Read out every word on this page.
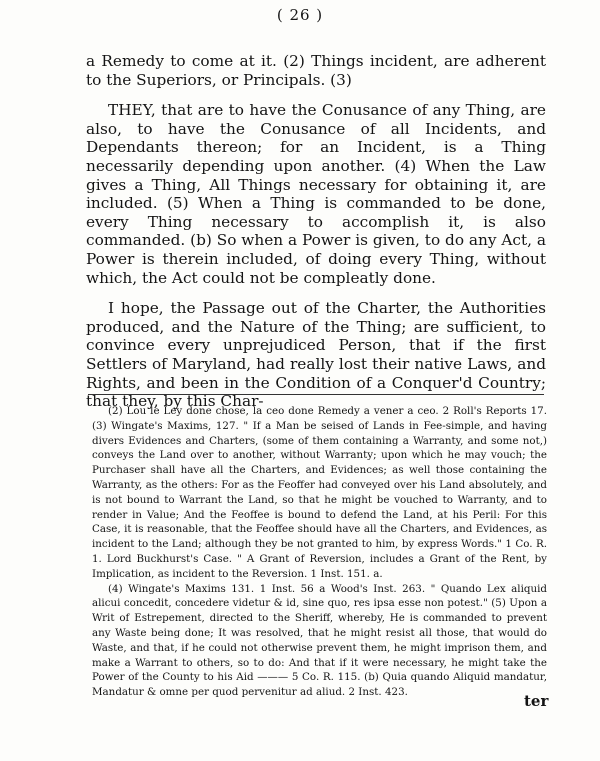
( 26 )

a Remedy to come at it. (2) Things incident, are adherent to the Superiors, or Principals. (3)

THEY, that are to have the Conusance of any Thing, are also, to have the Conusance of all Incidents, and Dependants thereon; for an Incident, is a Thing necessarily depending upon another. (4) When the Law gives a Thing, All Things necessary for obtaining it, are included. (5) When a Thing is commanded to be done, every Thing necessary to accomplish it, is also commanded. (b) So when a Power is given, to do any Act, a Power is therein included, of doing every Thing, without which, the Act could not be compleatly done.

I hope, the Passage out of the Charter, the Authorities produced, and the Nature of the Thing; are sufficient, to convince every unprejudiced Person, that if the first Settlers of Maryland, had really lost their native Laws, and Rights, and been in the Condition of a Conquer'd Country; that they, by this Char-

(2) Lou le Ley done chose, la ceo done Remedy a vener a ceo. 2 Roll's Reports 17. (3) Wingate's Maxims, 127. " If a Man be seised of Lands in Fee-simple, and having divers Evidences and Charters, (some of them containing a Warranty, and some not,) conveys the Land over to another, without Warranty; upon which he may vouch; the Purchaser shall have all the Charters, and Evidences; as well those containing the Warranty, as the others: For as the Feoffer had conveyed over his Land absolutely, and is not bound to Warrant the Land, so that he might be vouched to Warranty, and to render in Value; And the Feoffee is bound to defend the Land, at his Peril: For this Case, it is reasonable, that the Feoffee should have all the Charters, and Evidences, as incident to the Land; although they be not granted to him, by express Words." 1 Co. R. 1. Lord Buckhurst's Case. " A Grant of Reversion, includes a Grant of the Rent, by Implication, as incident to the Reversion. 1 Inst. 151. a.

(4) Wingate's Maxims 131. 1 Inst. 56 a Wood's Inst. 263. " Quando Lex aliquid alicui concedit, concedere videtur & id, sine quo, res ipsa esse non potest." (5) Upon a Writ of Estrepement, directed to the Sheriff, whereby, He is commanded to prevent any Waste being done; It was resolved, that he might resist all those, that would do Waste, and that, if he could not otherwise prevent them, he might imprison them, and make a Warrant to others, so to do: And that if it were necessary, he might take the Power of the County to his Aid ——— 5 Co. R. 115. (b) Quia quando Aliquid mandatur, Mandatur & omne per quod pervenitur ad aliud. 2 Inst. 423.	ter
